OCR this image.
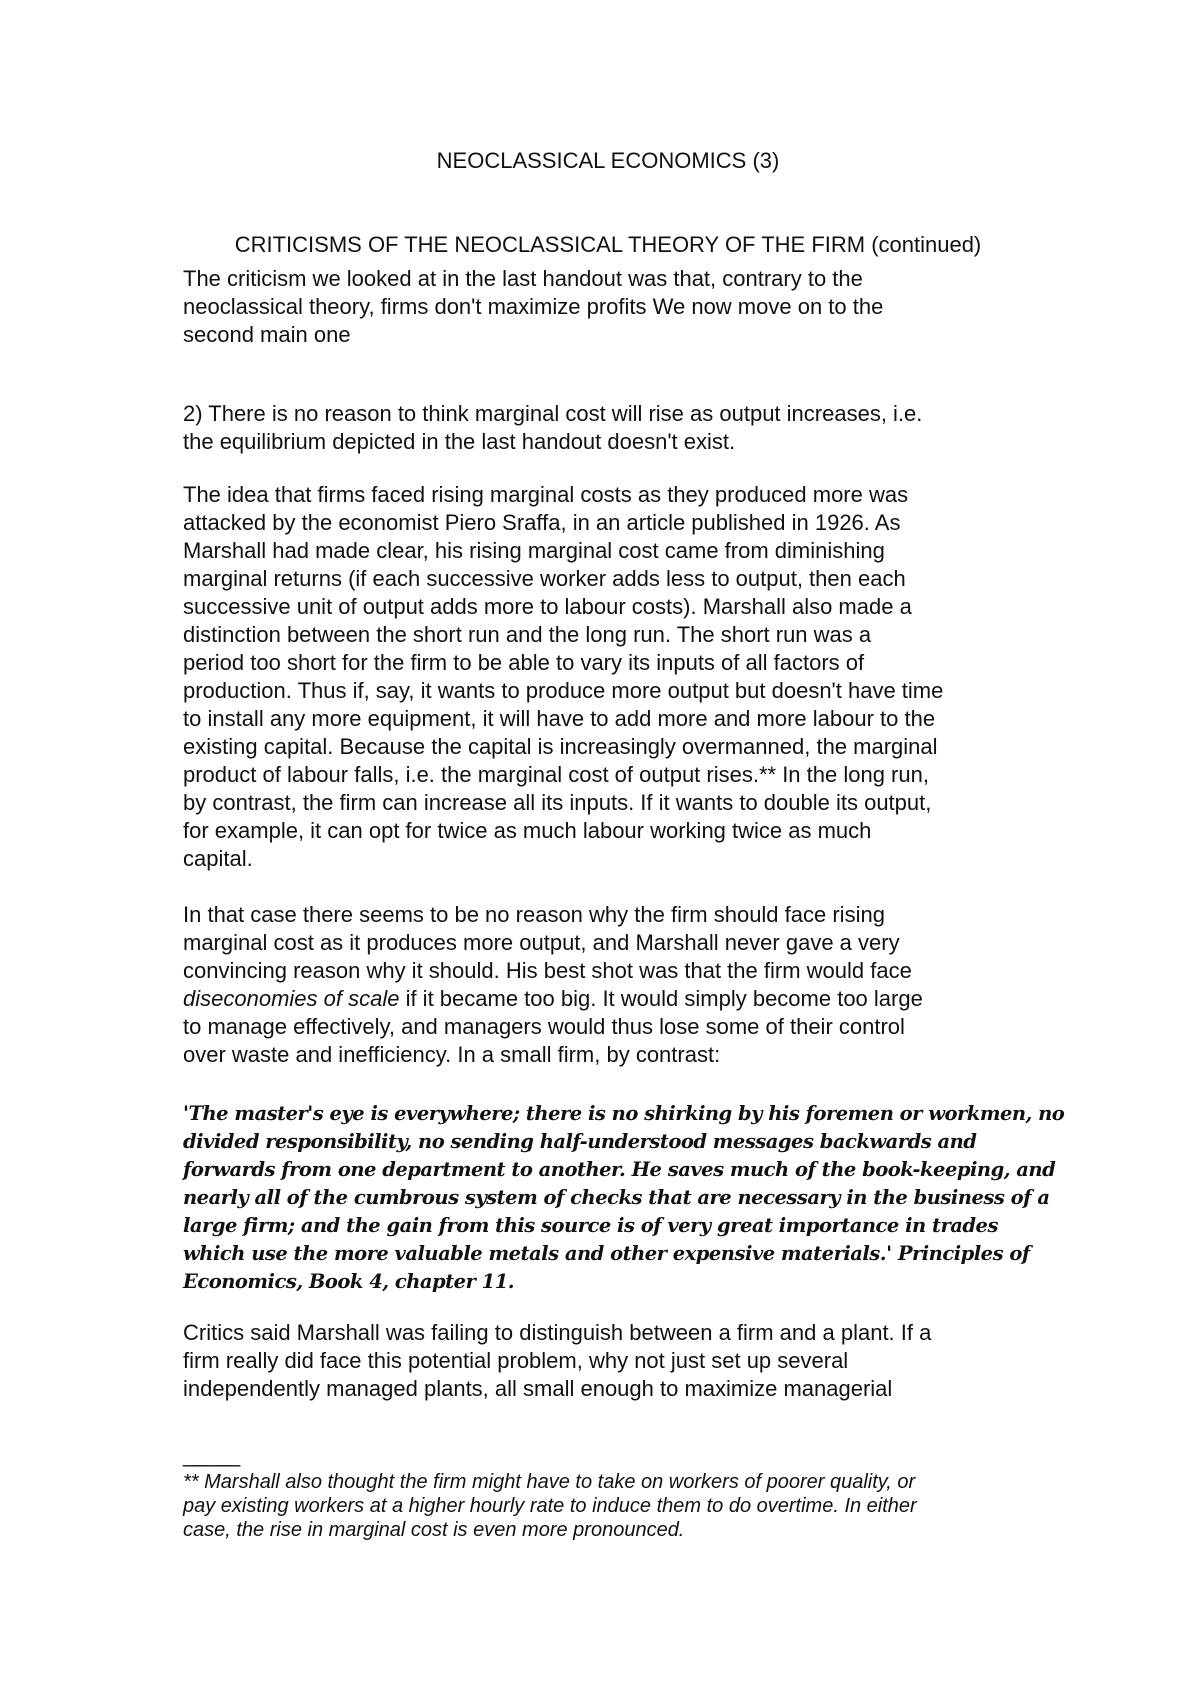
NEOCLASSICAL ECONOMICS (3)
CRITICISMS OF THE NEOCLASSICAL THEORY OF THE FIRM (continued)

The criticism we looked at in the last handout was that, contrary to the
neoclassical theory, firms don't maximize profits We now move on to the
second main one

2) There is no reason to think marginal cost will rise as output increases, i.e.
the equilibrium depicted in the last handout doesn't exist.

The idea that firms faced rising marginal costs as they produced more was
attacked by the economist Piero Sraffa, in an article published in 1926. As
Marshall had made clear, his rising marginal cost came from diminishing
marginal returns (if each successive worker adds less to output, then each
successive unit of output adds more to labour costs). Marshall also made a
distinction between the short run and the long run. The short run was a
period too short for the firm to be able to vary its inputs of all factors of
production. Thus if, say, it wants to produce more output but doesn't have time
to install any more equipment, it will have to add more and more labour to the
existing capital. Because the capital is increasingly overmanned, the marginal
product of labour falls, i.e. the marginal cost of output rises.** In the long run,
by contrast, the firm can increase all its inputs. If it wants to double its output,
for example, it can opt for twice as much labour working twice as much
capital.

In that case there seems to be no reason why the firm should face rising
marginal cost as it produces more output, and Marshall never gave a very
convincing reason why it should. His best shot was that the firm would face
diseconomies of scale if it became too big. It would simply become too large
to manage effectively, and managers would thus lose some of their control
over waste and inefficiency. In a small firm, by contrast:

'The master's eye is everywhere; there is no shirking by his foremen or workmen, no
divided responsibility, no sending half-understood messages backwards and
forwards from one department to another. He saves much of the book-keeping, and
nearly all of the cumbrous system of checks that are necessary in the business of a
large firm; and the gain from this source is of very great importance in trades
which use the more valuable metals and other expensive materials.' Principles of
Economics, Book 4, chapter 11.

Critics said Marshall was failing to distinguish between a firm and a plant. If a
firm really did face this potential problem, why not just set up several
independently managed plants, all small enough to maximize managerial

_____

** Marshall also thought the firm might have to take on workers of poorer quality, or
pay existing workers at a higher hourly rate to induce them to do overtime. In either
case, the rise in marginal cost is even more pronounced.
